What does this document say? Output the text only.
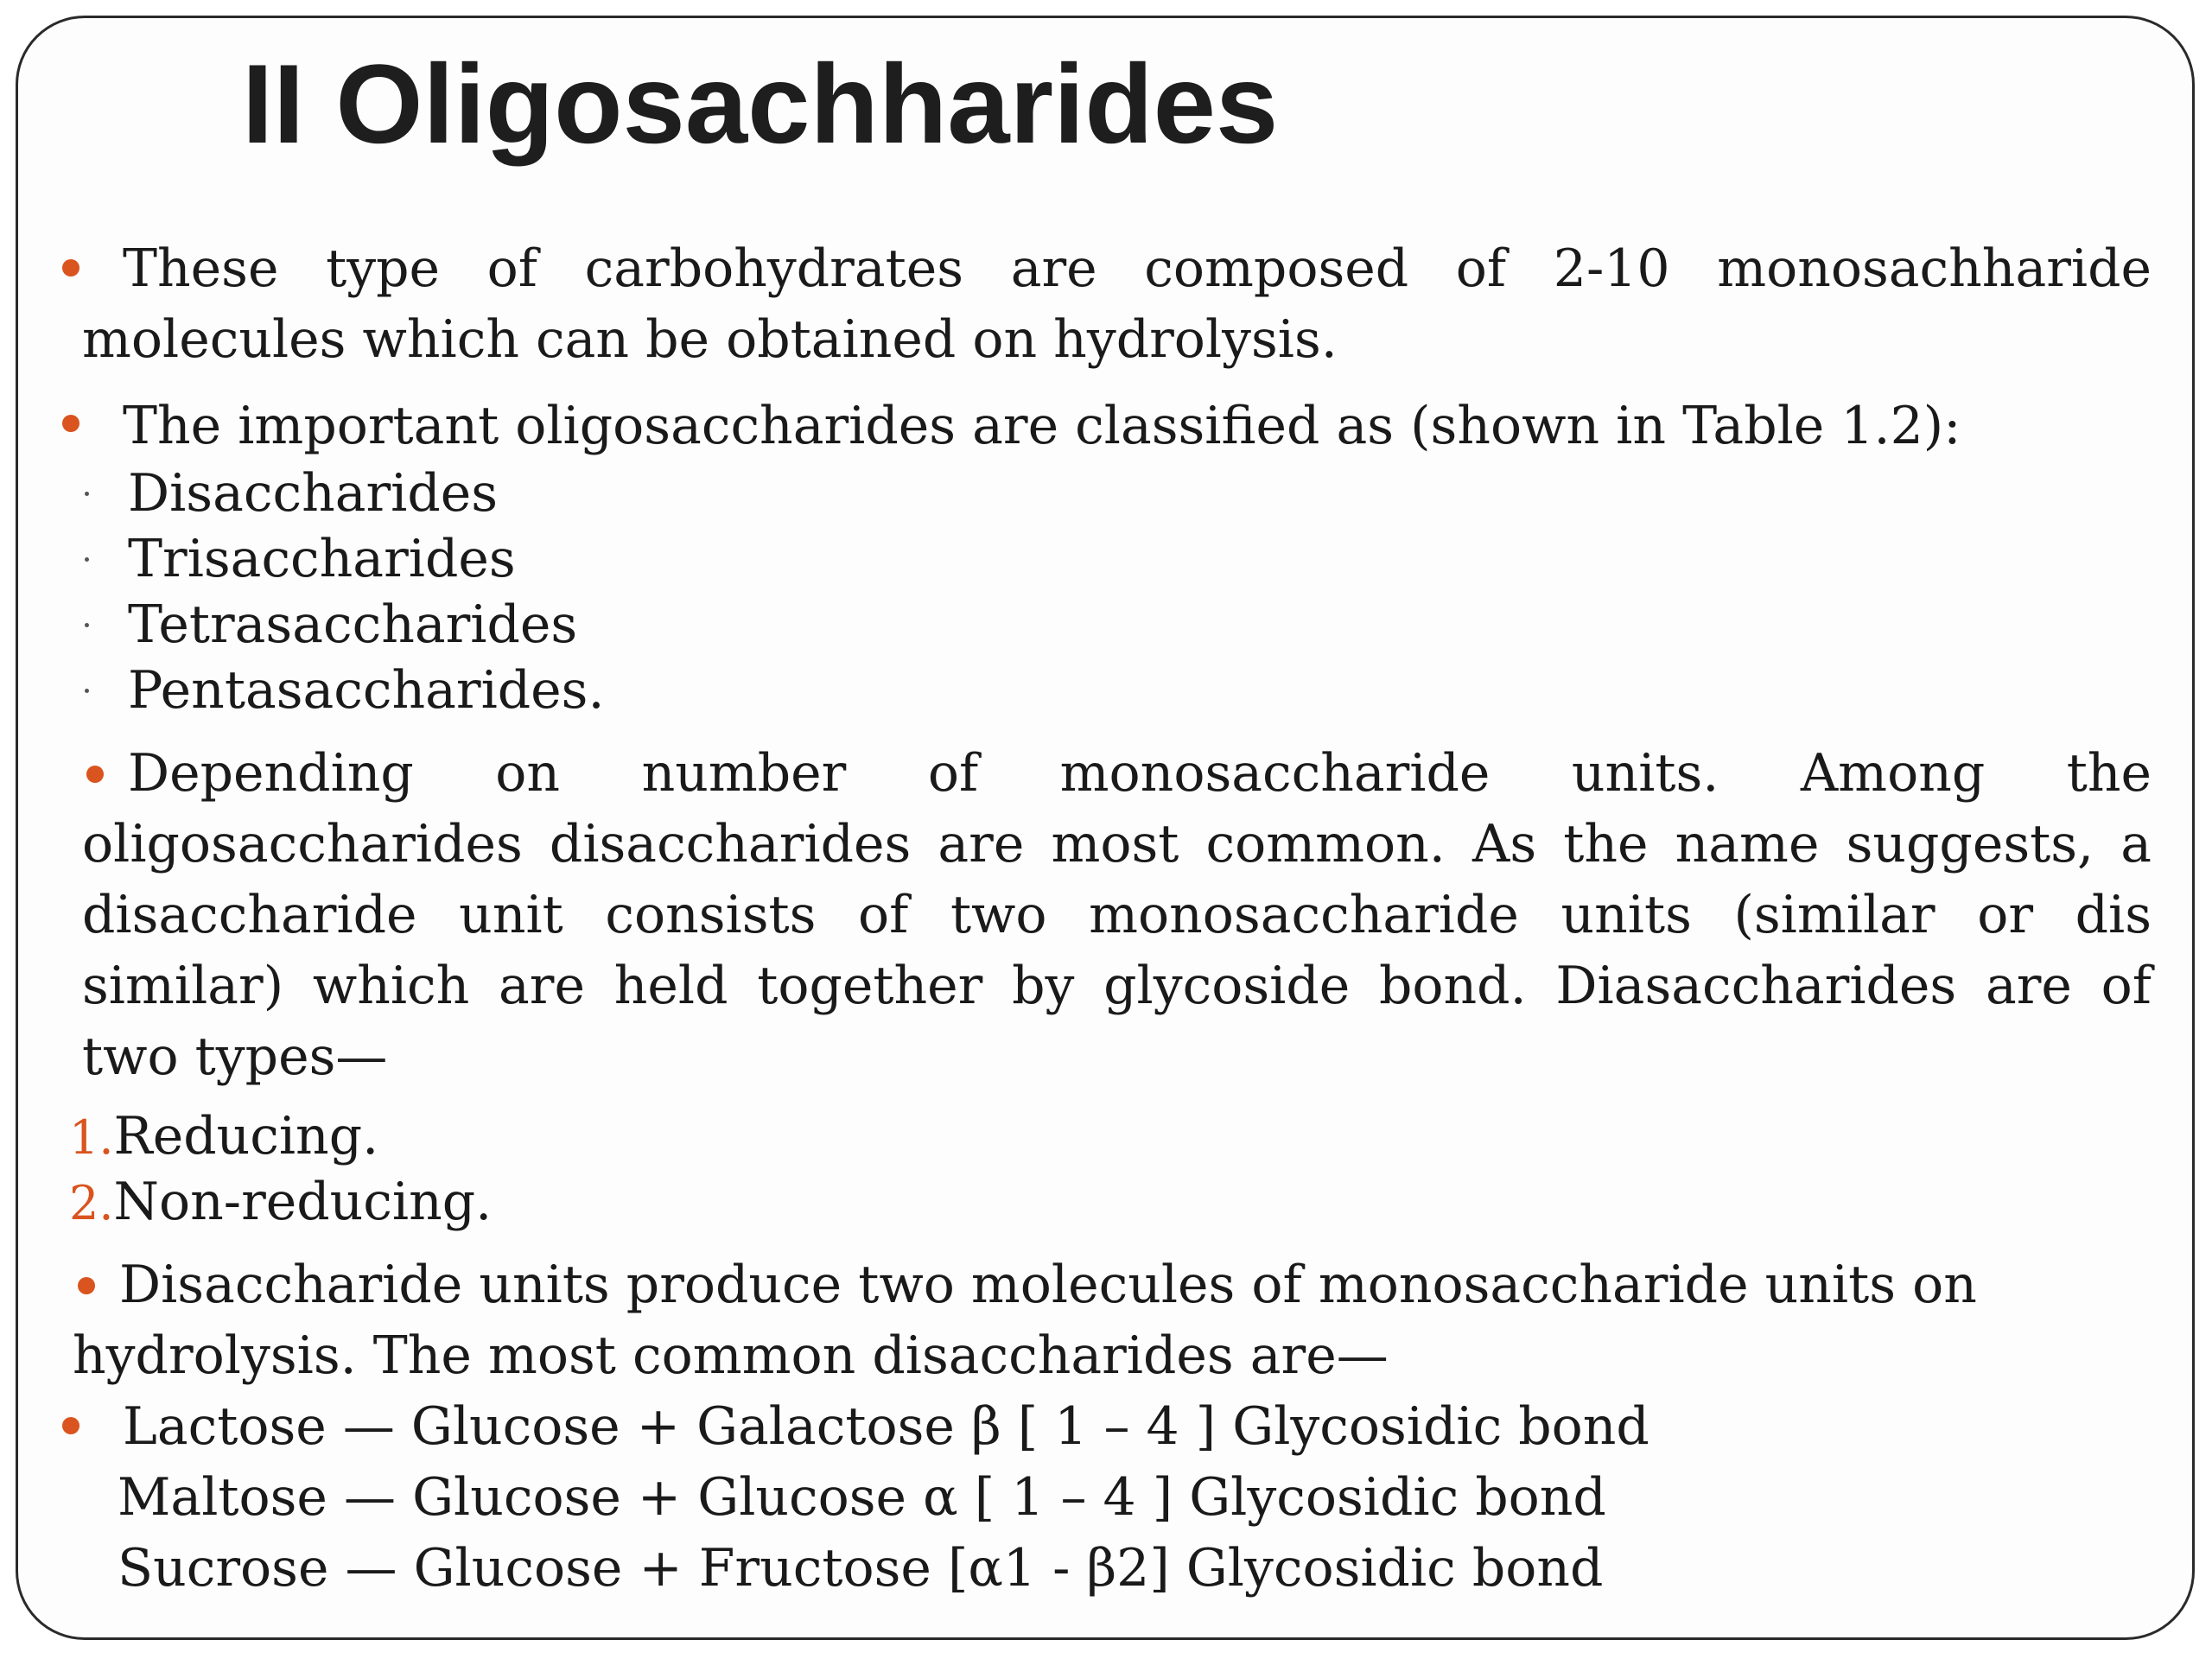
II Oligosachharides
These type of carbohydrates are composed of 2-10 monosachharide
molecules which can be obtained on hydrolysis.
The important oligosaccharides are classified as (shown in Table 1.2):
Disaccharides
Trisaccharides
Tetrasaccharides
Pentasaccharides.
Depending on number of monosaccharide units. Among the
oligosaccharides disaccharides are most common. As the name suggests, a
disaccharide unit consists of two monosaccharide units (similar or dis
similar) which are held together by glycoside bond. Diasaccharides are of
two types—
1.Reducing.
2.Non-reducing.
Disaccharide units produce two molecules of monosaccharide units on
hydrolysis. The most common disaccharides are—
Lactose — Glucose + Galactose β [ 1 – 4 ] Glycosidic bond
Maltose — Glucose + Glucose α [ 1 – 4 ] Glycosidic bond
Sucrose — Glucose + Fructose [α1 - β2] Glycosidic bond
